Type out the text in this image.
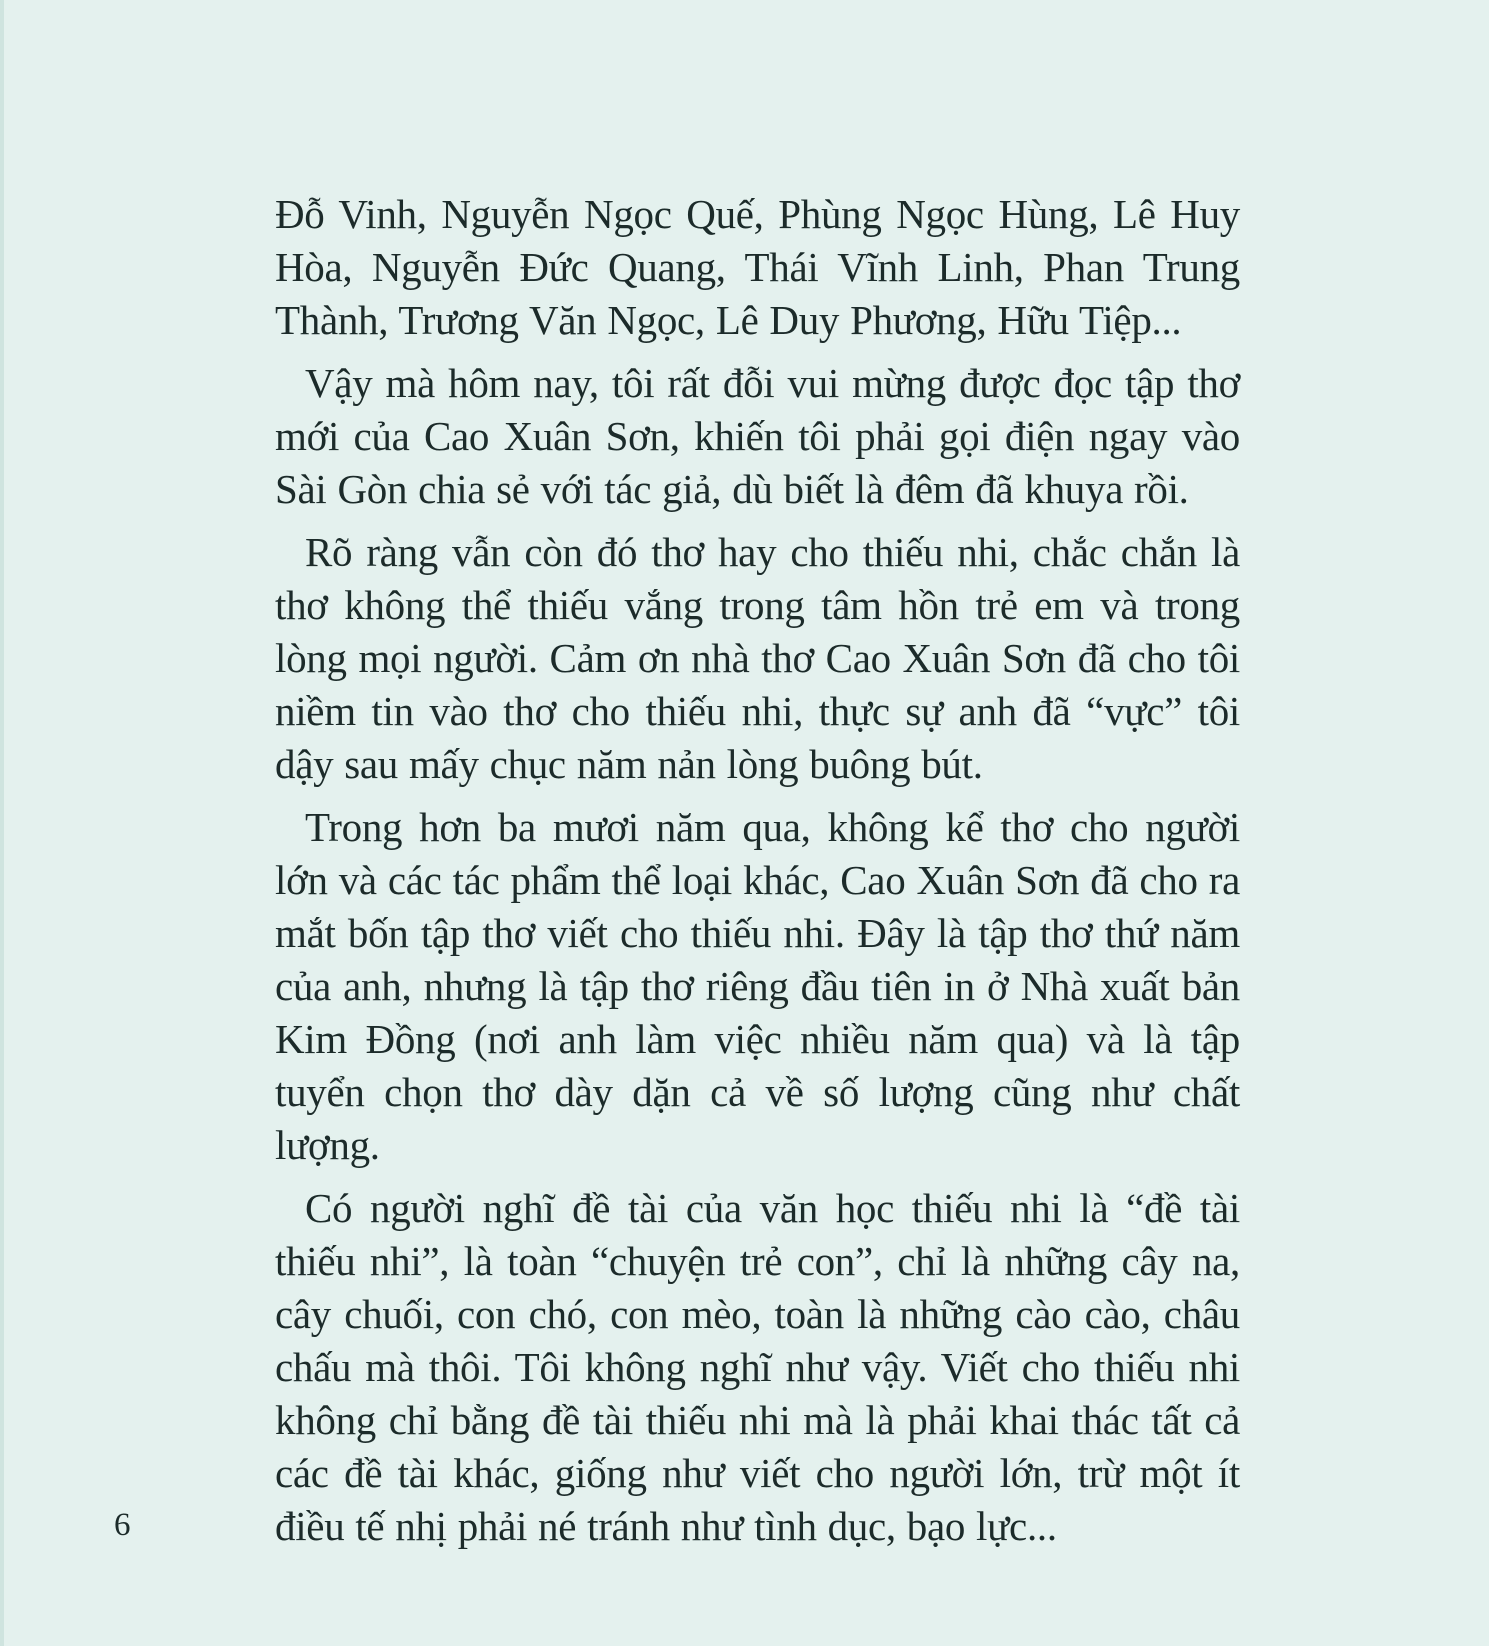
Đỗ Vinh, Nguyễn Ngọc Quế, Phùng Ngọc Hùng, Lê Huy Hòa, Nguyễn Đức Quang, Thái Vĩnh Linh, Phan Trung Thành, Trương Văn Ngọc, Lê Duy Phương, Hữu Tiệp...

Vậy mà hôm nay, tôi rất đỗi vui mừng được đọc tập thơ mới của Cao Xuân Sơn, khiến tôi phải gọi điện ngay vào Sài Gòn chia sẻ với tác giả, dù biết là đêm đã khuya rồi.

Rõ ràng vẫn còn đó thơ hay cho thiếu nhi, chắc chắn là thơ không thể thiếu vắng trong tâm hồn trẻ em và trong lòng mọi người. Cảm ơn nhà thơ Cao Xuân Sơn đã cho tôi niềm tin vào thơ cho thiếu nhi, thực sự anh đã “vực” tôi dậy sau mấy chục năm nản lòng buông bút.

Trong hơn ba mươi năm qua, không kể thơ cho người lớn và các tác phẩm thể loại khác, Cao Xuân Sơn đã cho ra mắt bốn tập thơ viết cho thiếu nhi. Đây là tập thơ thứ năm của anh, nhưng là tập thơ riêng đầu tiên in ở Nhà xuất bản Kim Đồng (nơi anh làm việc nhiều năm qua) và là tập tuyển chọn thơ dày dặn cả về số lượng cũng như chất lượng.

Có người nghĩ đề tài của văn học thiếu nhi là “đề tài thiếu nhi”, là toàn “chuyện trẻ con”, chỉ là những cây na, cây chuối, con chó, con mèo, toàn là những cào cào, châu chấu mà thôi. Tôi không nghĩ như vậy. Viết cho thiếu nhi không chỉ bằng đề tài thiếu nhi mà là phải khai thác tất cả các đề tài khác, giống như viết cho người lớn, trừ một ít điều tế nhị phải né tránh như tình dục, bạo lực...

6
